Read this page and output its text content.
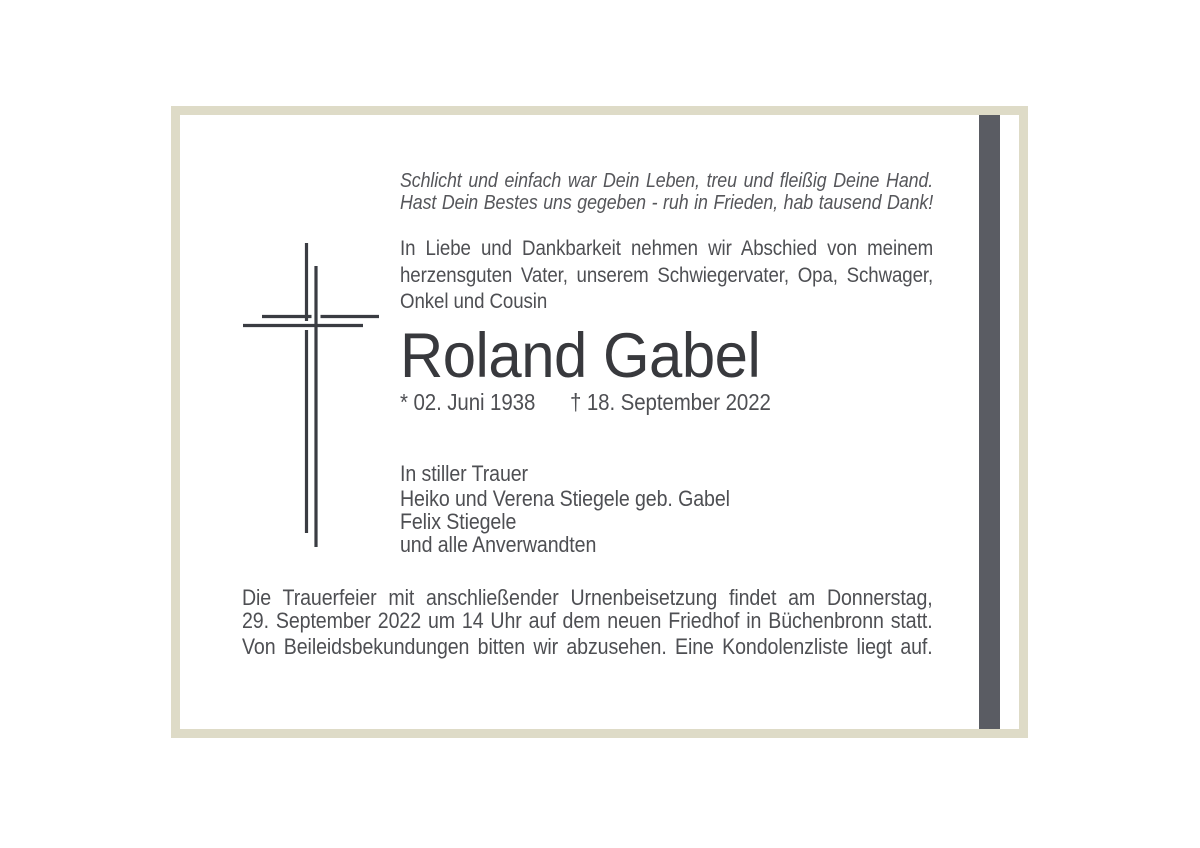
Schlicht und einfach war Dein Leben, treu und fleißig Deine Hand.
Hast Dein Bestes uns gegeben - ruh in Frieden, hab tausend Dank!
In Liebe und Dankbarkeit nehmen wir Abschied von meinem
herzensguten Vater, unserem Schwiegervater, Opa, Schwager,
Onkel und Cousin
Roland Gabel
* 02. Juni 1938 † 18. September 2022
In stiller Trauer
Heiko und Verena Stiegele geb. Gabel
Felix Stiegele
und alle Anverwandten
Die Trauerfeier mit anschließender Urnenbeisetzung findet am Donnerstag,
29. September 2022 um 14 Uhr auf dem neuen Friedhof in Büchenbronn statt.
Von Beileidsbekundungen bitten wir abzusehen. Eine Kondolenzliste liegt auf.
